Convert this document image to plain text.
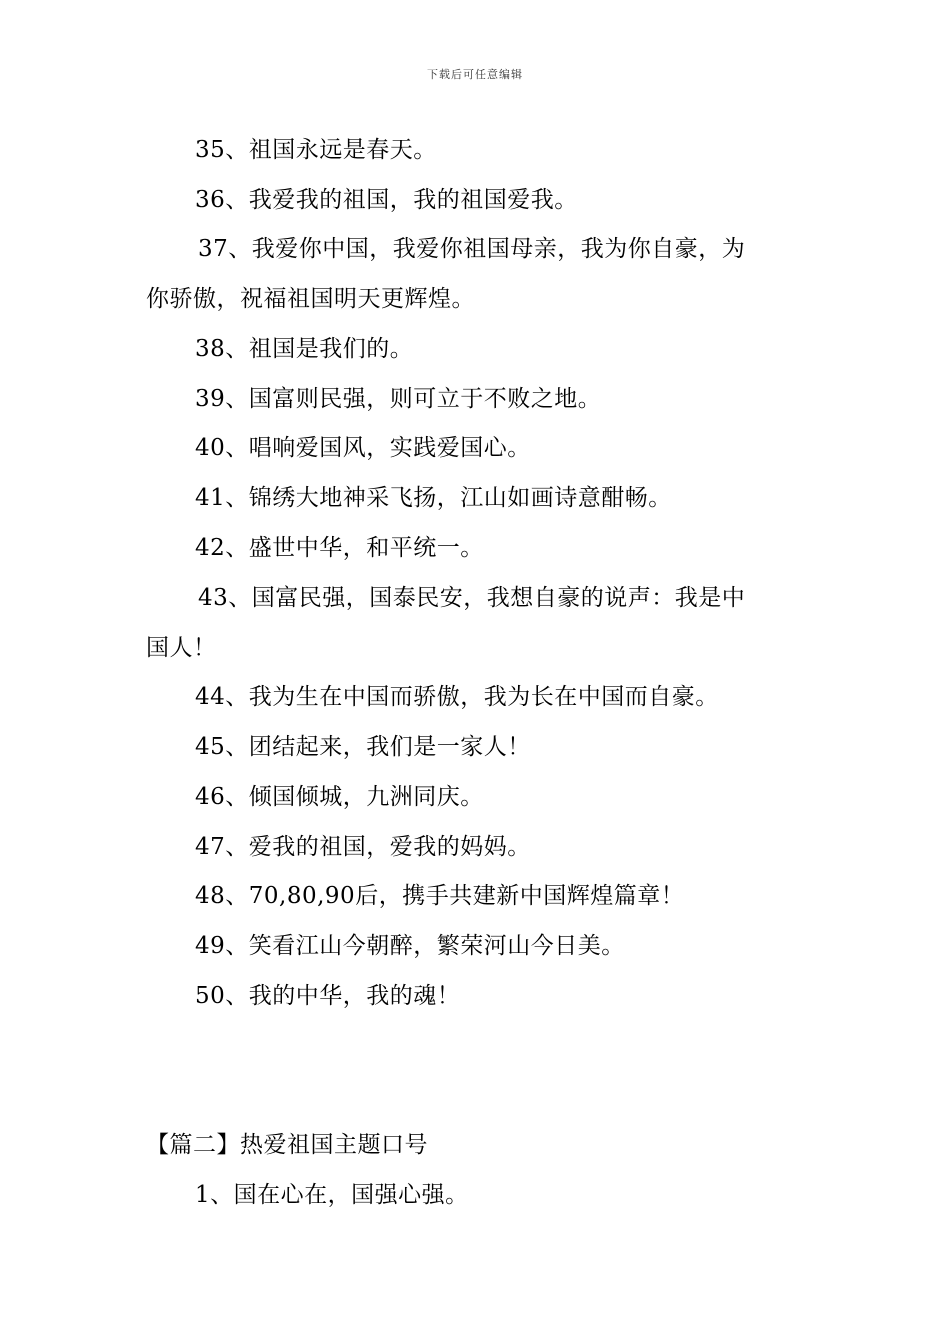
下载后可任意编辑
35、祖国永远是春天。
36、我爱我的祖国，我的祖国爱我。
37、我爱你中国，我爱你祖国母亲，我为你自豪，为
你骄傲，祝福祖国明天更辉煌。
38、祖国是我们的。
39、国富则民强，则可立于不败之地。
40、唱响爱国风，实践爱国心。
41、锦绣大地神采飞扬，江山如画诗意酣畅。
42、盛世中华，和平统一。
43、国富民强，国泰民安，我想自豪的说声：我是中
国人！
44、我为生在中国而骄傲，我为长在中国而自豪。
45、团结起来，我们是一家人！
46、倾国倾城，九洲同庆。
47、爱我的祖国，爱我的妈妈。
48、70,80,90后，携手共建新中国辉煌篇章！
49、笑看江山今朝醉，繁荣河山今日美。
50、我的中华，我的魂！
【篇二】热爱祖国主题口号
1、国在心在，国强心强。
